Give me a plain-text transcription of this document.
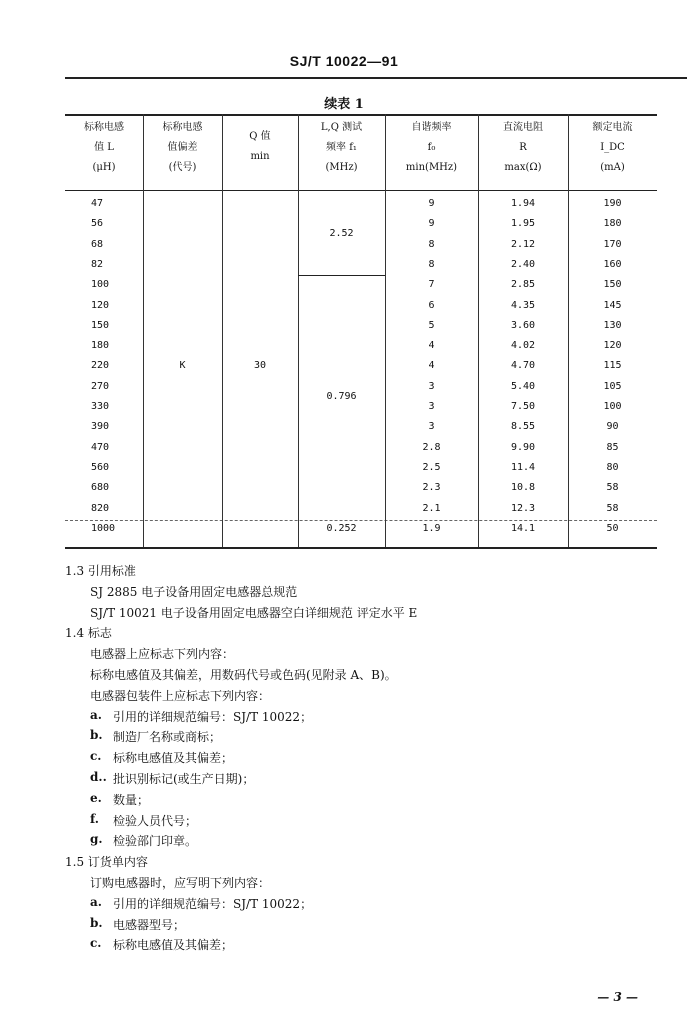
SJ/T 10022—91
续表 1
标称电感
值 L
(μH)
标称电感
值偏差
(代号)
Q 值
min
L,Q 测试
频率 f₁
(MHz)
自谐频率
f₀
min(MHz)
直流电阻
R
max(Ω)
额定电流
I_DC
(mA)
47
56
68
82
100
120
150
180
220
270
330
390
470
560
680
820
1000
9
9
8
8
7
6
5
4
4
3
3
3
2.8
2.5
2.3
2.1
1.9
1.94
1.95
2.12
2.40
2.85
4.35
3.60
4.02
4.70
5.40
7.50
8.55
9.90
11.4
10.8
12.3
14.1
190
180
170
160
150
145
130
120
115
105
100
90
85
80
58
58
50
K	30
2.52
0.796
0.252
1.3 引用标准
SJ 2885 电子设备用固定电感器总规范
SJ/T 10021 电子设备用固定电感器空白详细规范 评定水平 E
1.4 标志
电感器上应标志下列内容：
标称电感值及其偏差，用数码代号或色码(见附录 A、B)。
电感器包装件上应标志下列内容：
a. 引用的详细规范编号：SJ/T 10022；
b. 制造厂名称或商标；
c. 标称电感值及其偏差；
d.. 批识别标记(或生产日期)；
e. 数量；
f. 检验人员代号；
g. 检验部门印章。
1.5 订货单内容
订购电感器时，应写明下列内容：
a. 引用的详细规范编号：SJ/T 10022；
b. 电感器型号；
c. 标称电感值及其偏差；
— 3 —
